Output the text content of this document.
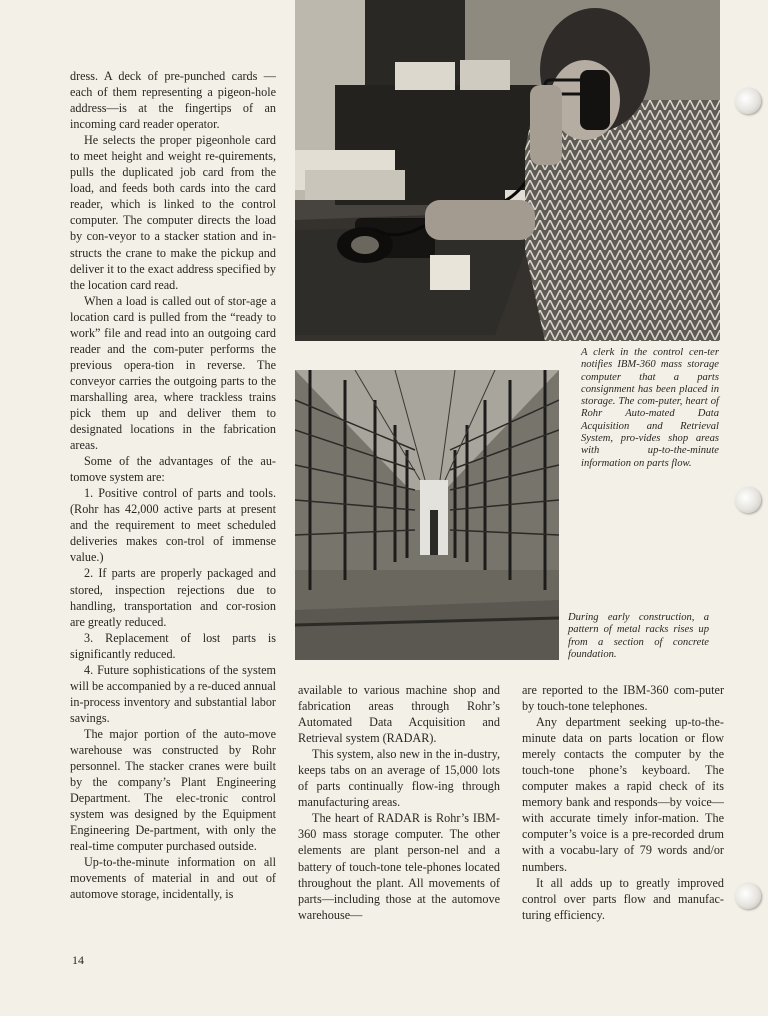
dress. A deck of pre-punched cards —each of them representing a pigeon-hole address—is at the fingertips of an incoming card reader operator.

He selects the proper pigeonhole card to meet height and weight re-quirements, pulls the duplicated job card from the load, and feeds both cards into the card reader, which is linked to the control computer. The computer directs the load by con-veyor to a stacker station and in-structs the crane to make the pickup and deliver it to the exact address specified by the location card read.

When a load is called out of stor-age a location card is pulled from the “ready to work” file and read into an outgoing card reader and the com-puter performs the previous opera-tion in reverse. The conveyor carries the outgoing parts to the marshalling area, where trackless trains pick them up and deliver them to designated locations in the fabrication areas.

Some of the advantages of the au-tomove system are:

1. Positive control of parts and tools. (Rohr has 42,000 active parts at present and the requirement to meet scheduled deliveries makes con-trol of immense value.)

2. If parts are properly packaged and stored, inspection rejections due to handling, transportation and cor-rosion are greatly reduced.

3. Replacement of lost parts is significantly reduced.

4. Future sophistications of the system will be accompanied by a re-duced annual in-process inventory and substantial labor savings.

The major portion of the auto-move warehouse was constructed by Rohr personnel. The stacker cranes were built by the company’s Plant Engineering Department. The elec-tronic control system was designed by the Equipment Engineering De-partment, with only the real-time computer purchased outside.

Up-to-the-minute information on all movements of material in and out of automove storage, incidentally, is

A clerk in the control cen-ter notifies IBM-360 mass storage computer that a parts consignment has been placed in storage. The com-puter, heart of Rohr Auto-mated Data Acquisition and Retrieval System, pro-vides shop areas with up-to-the-minute information on parts flow.
During early construction, a pattern of metal racks rises up from a section of concrete foundation.

available to various machine shop and fabrication areas through Rohr’s Automated Data Acquisition and Retrieval system (RADAR).

This system, also new in the in-dustry, keeps tabs on an average of 15,000 lots of parts continually flow-ing through manufacturing areas.

The heart of RADAR is Rohr’s IBM-360 mass storage computer. The other elements are plant person-nel and a battery of touch-tone tele-phones located throughout the plant. All movements of parts—including those at the automove warehouse—

are reported to the IBM-360 com-puter by touch-tone telephones.

Any department seeking up-to-the-minute data on parts location or flow merely contacts the computer by the touch-tone phone’s keyboard. The computer makes a rapid check of its memory bank and responds—by voice—with accurate timely infor-mation. The computer’s voice is a pre-recorded drum with a vocabu-lary of 79 words and/or numbers.

It all adds up to greatly improved control over parts flow and manufac-turing efficiency.

14
